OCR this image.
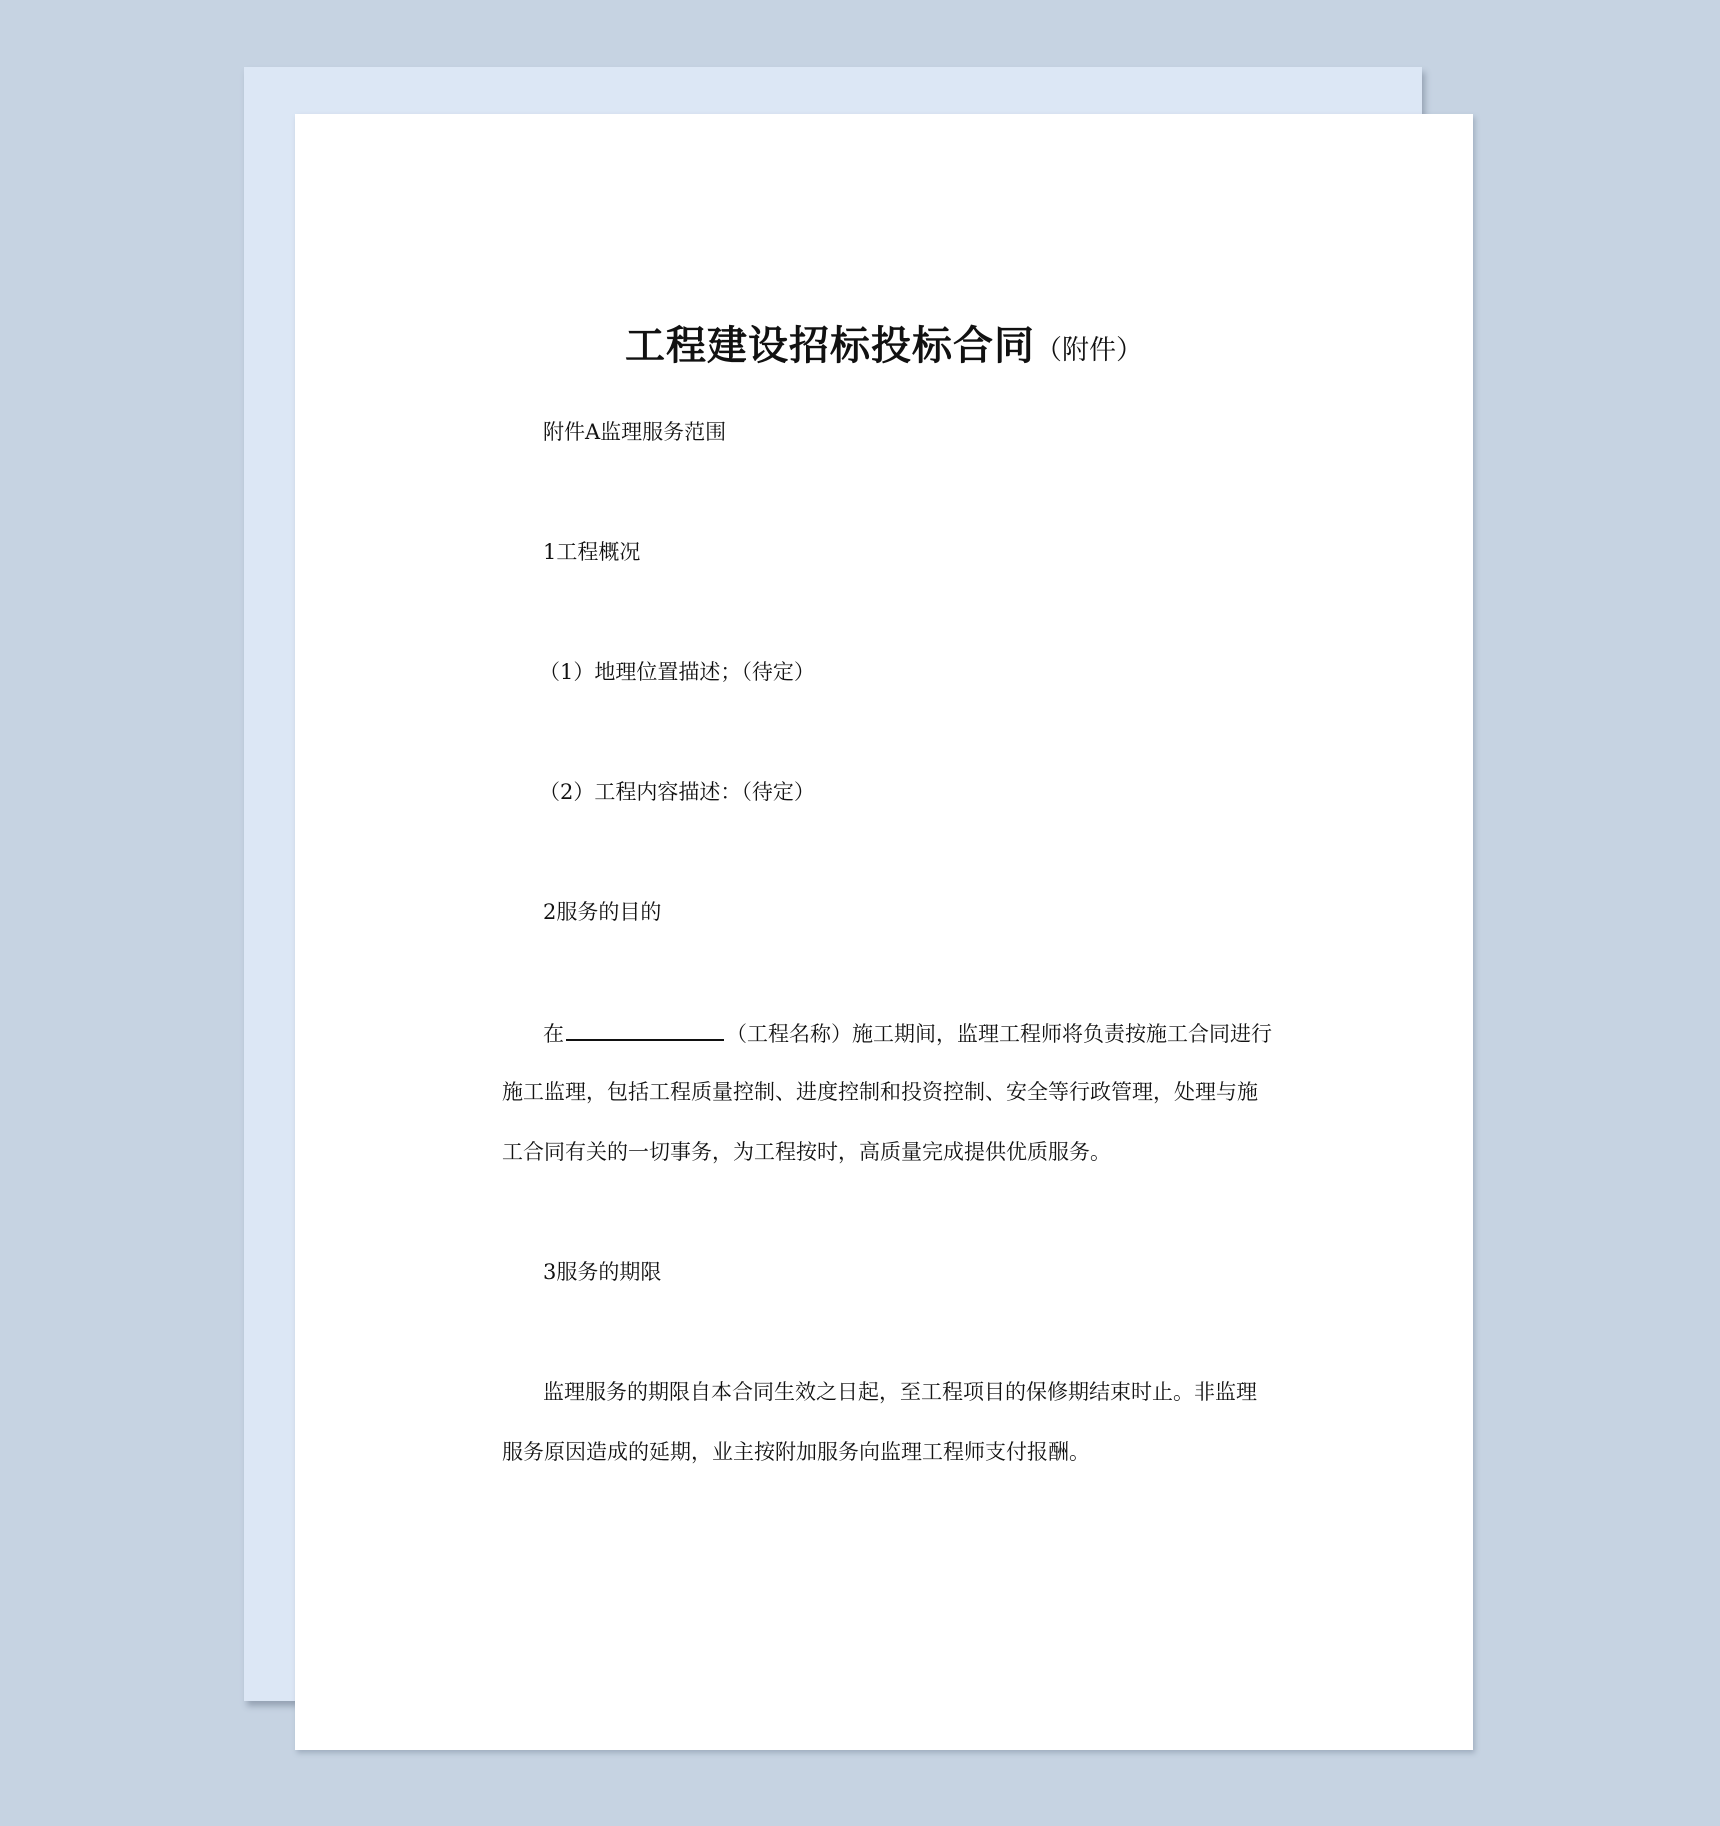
工程建设招标投标合同（附件）
附件A监理服务范围
1工程概况
（1）地理位置描述；（待定）
（2）工程内容描述：（待定）
2服务的目的
在	（工程名称）施工期间，监理工程师将负责按施工合同进行
施工监理，包括工程质量控制、进度控制和投资控制、安全等行政管理，处理与施
工合同有关的一切事务，为工程按时，高质量完成提供优质服务。
3服务的期限
监理服务的期限自本合同生效之日起，至工程项目的保修期结束时止。非监理
服务原因造成的延期，业主按附加服务向监理工程师支付报酬。
